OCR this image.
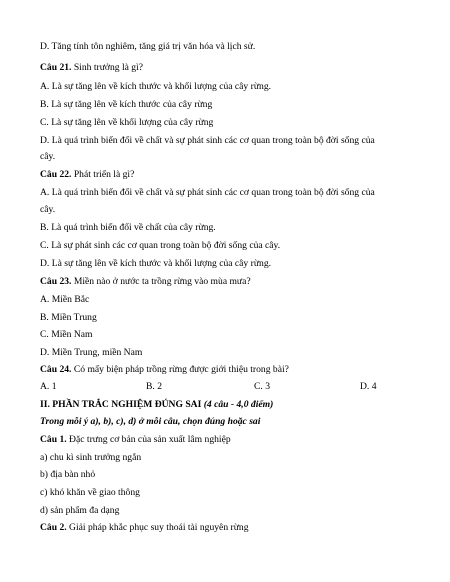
D. Tăng tính tôn nghiêm, tăng giá trị văn hóa và lịch sử.
Câu 21. Sinh trưởng là gì?
A. Là sự tăng lên về kích thước và khối lượng của cây rừng.
B. Là sự tăng lên về kích thước của cây rừng
C. Là sự tăng lên về khối lượng của cây rừng
D. Là quá trình biến đổi về chất và sự phát sinh các cơ quan trong toàn bộ đời sống của
cây.
Câu 22. Phát triển là gì?
A. Là quá trình biến đổi về chất và sự phát sinh các cơ quan trong toàn bộ đời sống của
cây.
B. Là quá trình biến đổi về chất của cây rừng.
C. Là sự phát sinh các cơ quan trong toàn bộ đời sống của cây.
D. Là sự tăng lên về kích thước và khối lượng của cây rừng.
Câu 23. Miền nào ở nước ta trồng rừng vào mùa mưa?
A. Miền Bắc
B. Miền Trung
C. Miền Nam
D. Miền Trung, miền Nam
Câu 24. Có mấy biện pháp trồng rừng được giới thiệu trong bài?
A. 1	B. 2	C. 3	D. 4
II. PHẦN TRẮC NGHIỆM ĐÚNG SAI (4 câu - 4,0 điểm)
Trong mỗi ý a), b), c), d) ở mỗi câu, chọn đúng hoặc sai
Câu 1. Đặc trưng cơ bản của sản xuất lâm nghiệp
a) chu kì sinh trưởng ngắn
b) địa bàn nhỏ
c) khó khăn về giao thông
d) sản phẩm đa dạng
Câu 2. Giải pháp khắc phục suy thoái tài nguyên rừng
